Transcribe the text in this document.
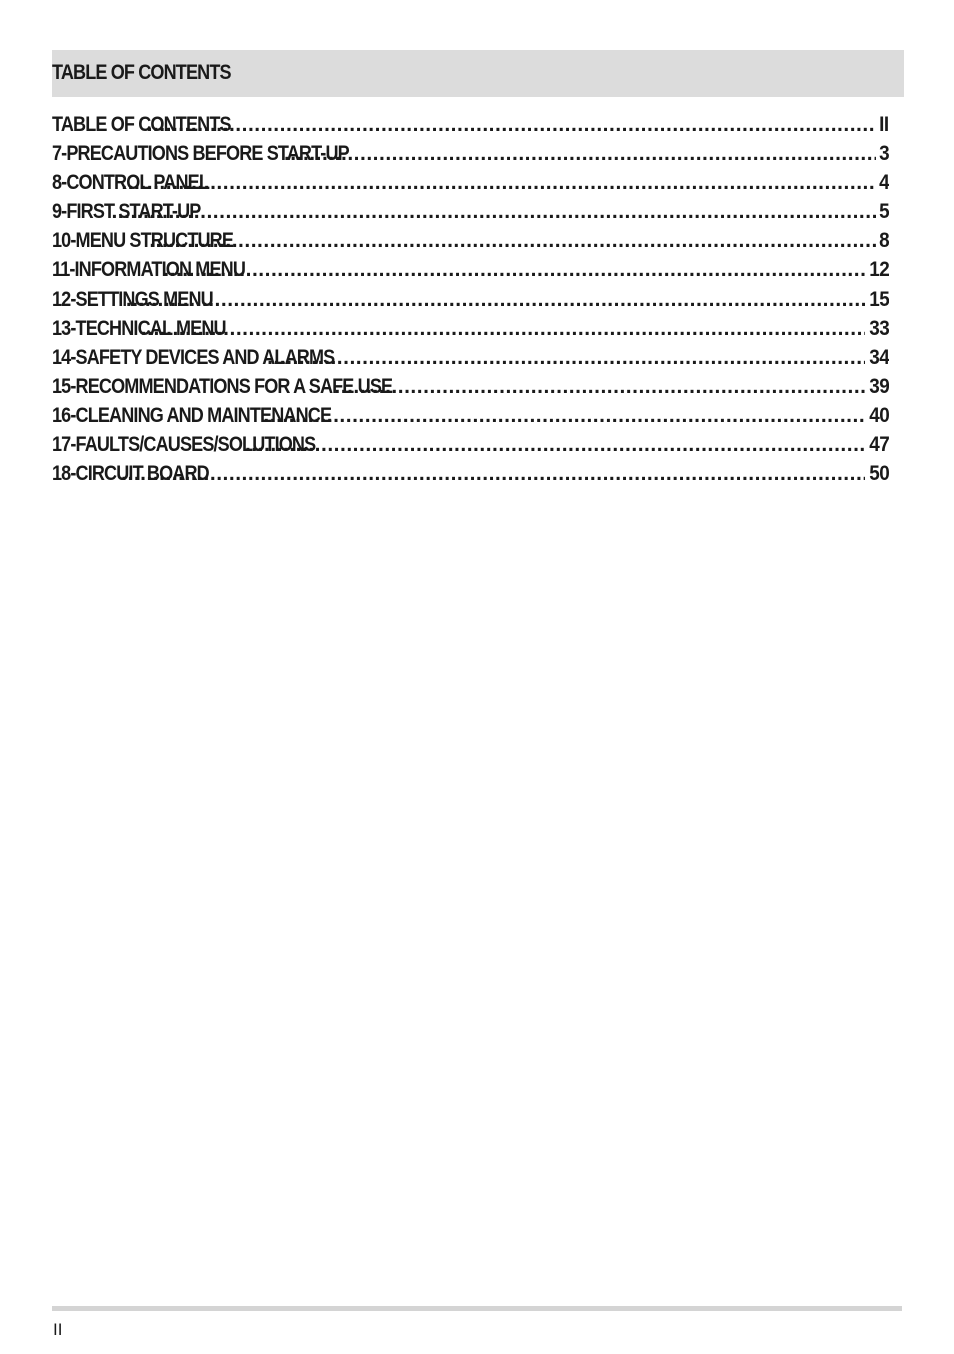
TABLE OF CONTENTS
TABLE OF CONTENTS .....	II
7-PRECAUTIONS BEFORE START-UP .....	3
8-CONTROL PANEL .....	4
9-FIRST START-UP .....	5
10-MENU STRUCTURE .....	8
11-INFORMATION MENU .....	12
12-SETTINGS MENU .....	15
13-TECHNICAL MENU .....	33
14-SAFETY DEVICES AND ALARMS .....	34
15-RECOMMENDATIONS FOR A SAFE USE .....	39
16-CLEANING AND MAINTENANCE .....	40
17-FAULTS/CAUSES/SOLUTIONS .....	47
18-CIRCUIT BOARD .....	50
II
